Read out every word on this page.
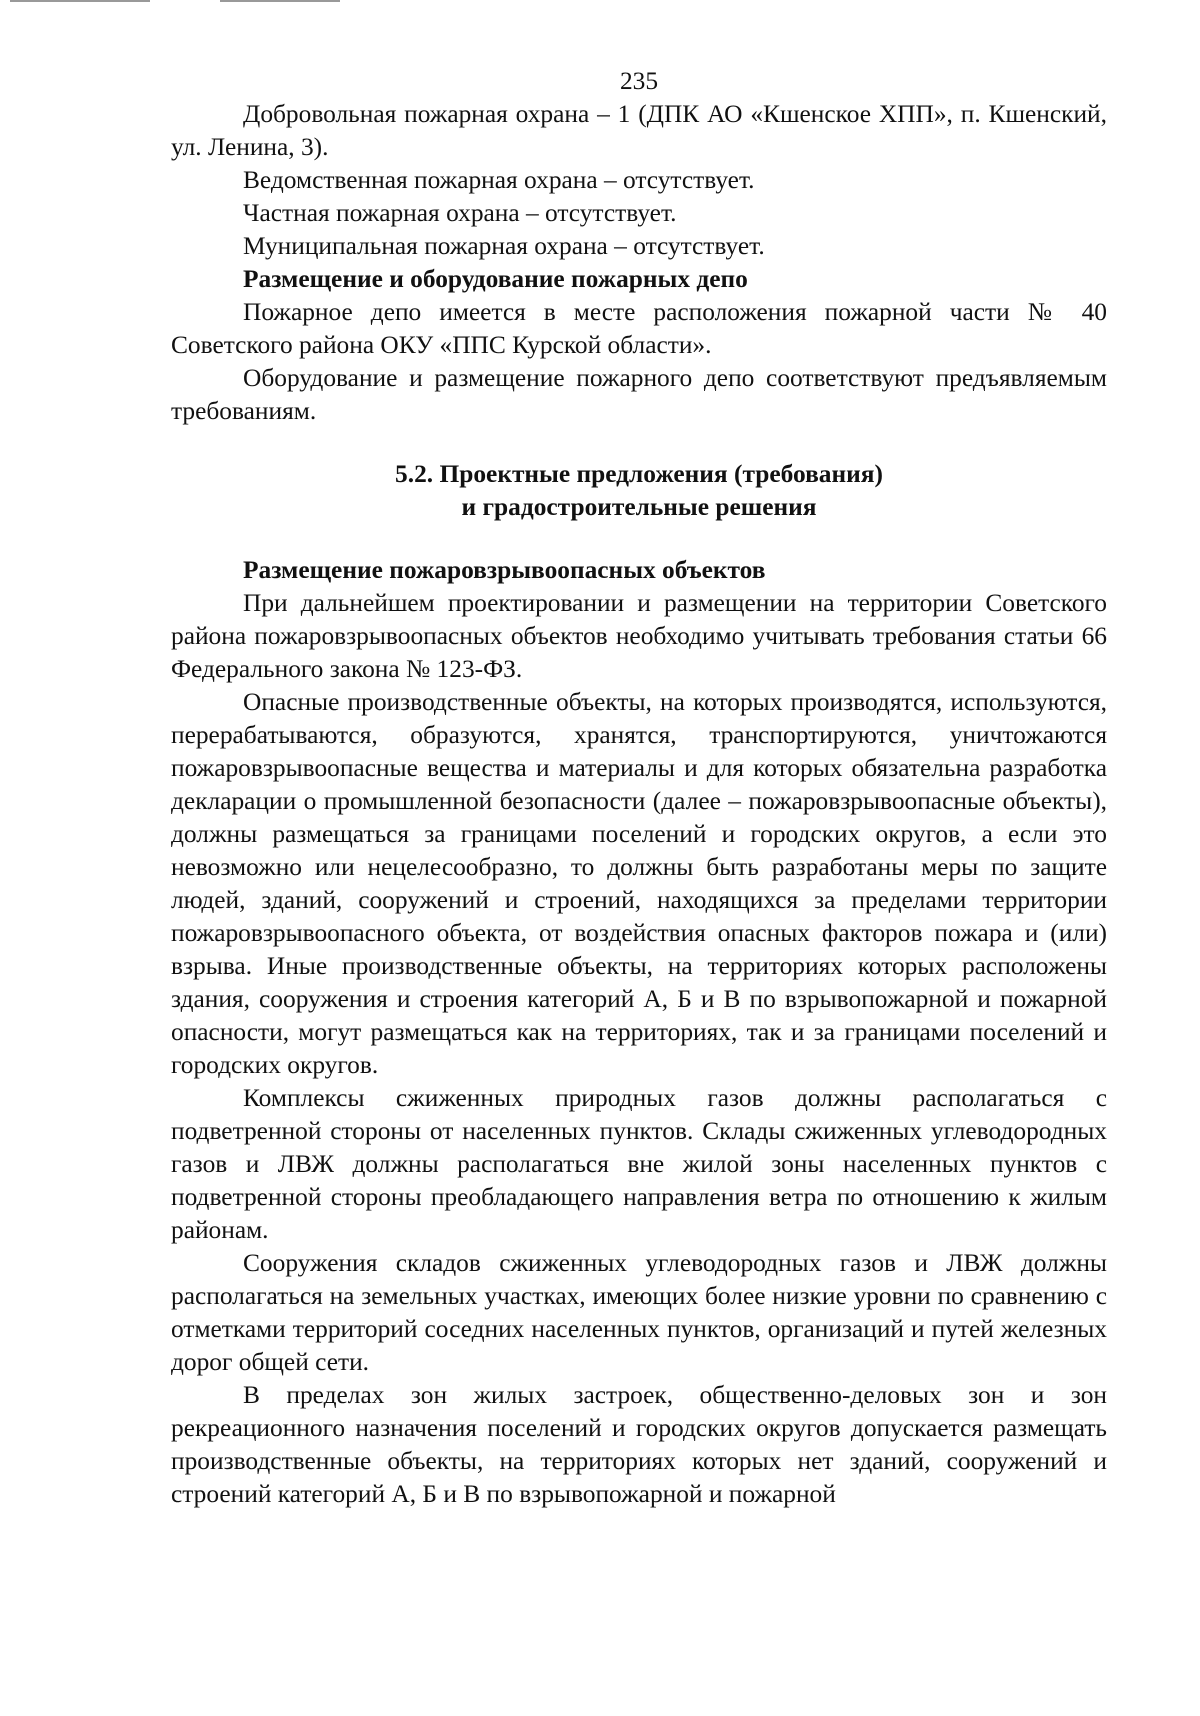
235

Добровольная пожарная охрана – 1 (ДПК АО «Кшенское ХПП», п. Кшенский, ул. Ленина, 3).

Ведомственная пожарная охрана – отсутствует.

Частная пожарная охрана – отсутствует.

Муниципальная пожарная охрана – отсутствует.

Размещение и оборудование пожарных депо

Пожарное депо имеется в месте расположения пожарной части № 40 Советского района ОКУ «ППС Курской области».

Оборудование и размещение пожарного депо соответствуют предъявляемым требованиям.

5.2. Проектные предложения (требования)
и градостроительные решения

Размещение пожаровзрывоопасных объектов

При дальнейшем проектировании и размещении на территории Советского района пожаровзрывоопасных объектов необходимо учитывать требования статьи 66 Федерального закона № 123-ФЗ.

Опасные производственные объекты, на которых производятся, используются, перерабатываются, образуются, хранятся, транспортируются, уничтожаются пожаровзрывоопасные вещества и материалы и для которых обязательна разработка декларации о промышленной безопасности (далее – пожаровзрывоопасные объекты), должны размещаться за границами поселений и городских округов, а если это невозможно или нецелесообразно, то должны быть разработаны меры по защите людей, зданий, сооружений и строений, находящихся за пределами территории пожаровзрывоопасного объекта, от воздействия опасных факторов пожара и (или) взрыва. Иные производственные объекты, на территориях которых расположены здания, сооружения и строения категорий А, Б и В по взрывопожарной и пожарной опасности, могут размещаться как на территориях, так и за границами поселений и городских округов.

Комплексы сжиженных природных газов должны располагаться с подветренной стороны от населенных пунктов. Склады сжиженных углеводородных газов и ЛВЖ должны располагаться вне жилой зоны населенных пунктов с подветренной стороны преобладающего направления ветра по отношению к жилым районам.

Сооружения складов сжиженных углеводородных газов и ЛВЖ должны располагаться на земельных участках, имеющих более низкие уровни по сравнению с отметками территорий соседних населенных пунктов, организаций и путей железных дорог общей сети.

В пределах зон жилых застроек, общественно-деловых зон и зон рекреационного назначения поселений и городских округов допускается размещать производственные объекты, на территориях которых нет зданий, сооружений и строений категорий А, Б и В по взрывопожарной и пожарной
